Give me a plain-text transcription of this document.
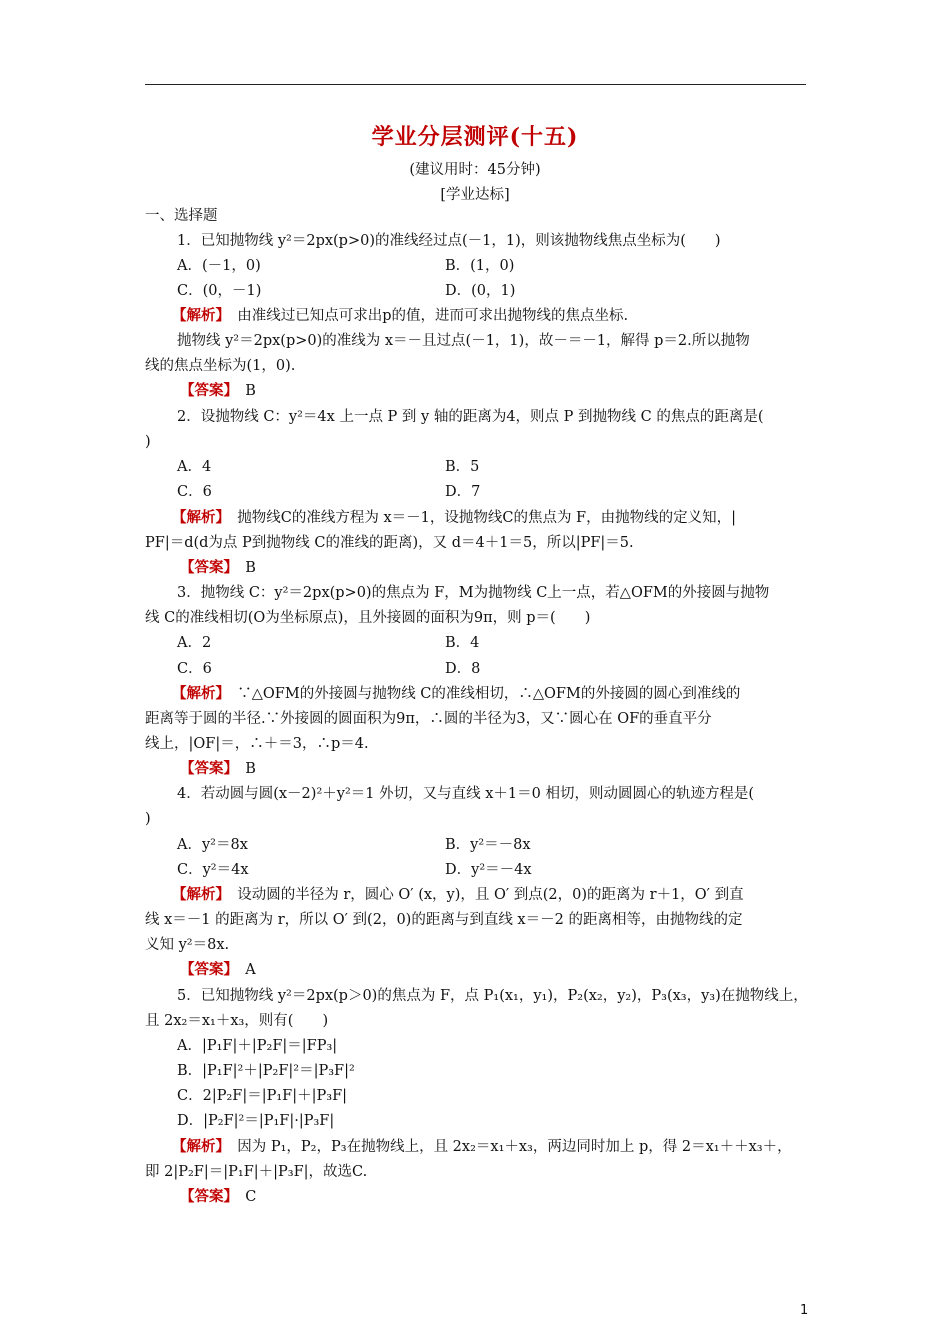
学业分层测评(十五)
(建议用时：45分钟)
[学业达标]
一、选择题
1．已知抛物线 y²＝2px(p>0)的准线经过点(－1，1)，则该抛物线焦点坐标为(　　)
A．(－1，0)	B．(1，0)
C．(0，－1)	D．(0，1)
【解析】　 由准线过已知点可求出p的值，进而可求出抛物线的焦点坐标.
抛物线 y²＝2px(p>0)的准线为 x＝－且过点(－1，1)，故－＝－1，解得 p＝2.所以抛物
线的焦点坐标为(1，0).
【答案】　 B
2．设抛物线 C：y²＝4x 上一点 P 到 y 轴的距离为4，则点 P 到抛物线 C 的焦点的距离是(
)
A．4	B．5
C．6	D．7
【解析】　 抛物线C的准线方程为 x＝－1，设抛物线C的焦点为 F，由抛物线的定义知，|
PF|＝d(d为点 P到抛物线 C的准线的距离)，又 d＝4＋1＝5，所以|PF|＝5.
【答案】　 B
3．抛物线 C：y²＝2px(p>0)的焦点为 F，M为抛物线 C上一点，若△OFM的外接圆与抛物
线 C的准线相切(O为坐标原点)，且外接圆的面积为9π，则 p＝(　　)
A．2	B．4
C．6	D．8
【解析】　 ∵△OFM的外接圆与抛物线 C的准线相切，∴△OFM的外接圆的圆心到准线的
距离等于圆的半径.∵外接圆的圆面积为9π，∴圆的半径为3，又∵圆心在 OF的垂直平分
线上，|OF|＝，∴＋＝3，∴p＝4.
【答案】　 B
4．若动圆与圆(x－2)²＋y²＝1 外切，又与直线 x＋1＝0 相切，则动圆圆心的轨迹方程是(
)
A．y²＝8x	B．y²＝－8x
C．y²＝4x	D．y²＝－4x
【解析】　 设动圆的半径为 r，圆心 O′ (x，y)，且 O′ 到点(2，0)的距离为 r＋1，O′ 到直
线 x＝－1 的距离为 r，所以 O′ 到(2，0)的距离与到直线 x＝－2 的距离相等，由抛物线的定
义知 y²＝8x.
【答案】　 A
5．已知抛物线 y²＝2px(p＞0)的焦点为 F，点 P₁(x₁，y₁)，P₂(x₂，y₂)，P₃(x₃，y₃)在抛物线上，
且 2x₂＝x₁＋x₃，则有(　　)
A．|P₁F|＋|P₂F|＝|FP₃|
B．|P₁F|²＋|P₂F|²＝|P₃F|²
C．2|P₂F|＝|P₁F|＋|P₃F|
D．|P₂F|²＝|P₁F|·|P₃F|
【解析】　 因为 P₁，P₂，P₃在抛物线上，且 2x₂＝x₁＋x₃，两边同时加上 p，得 2＝x₁＋＋x₃＋，
即 2|P₂F|＝|P₁F|＋|P₃F|，故选C.
【答案】　 C
1
